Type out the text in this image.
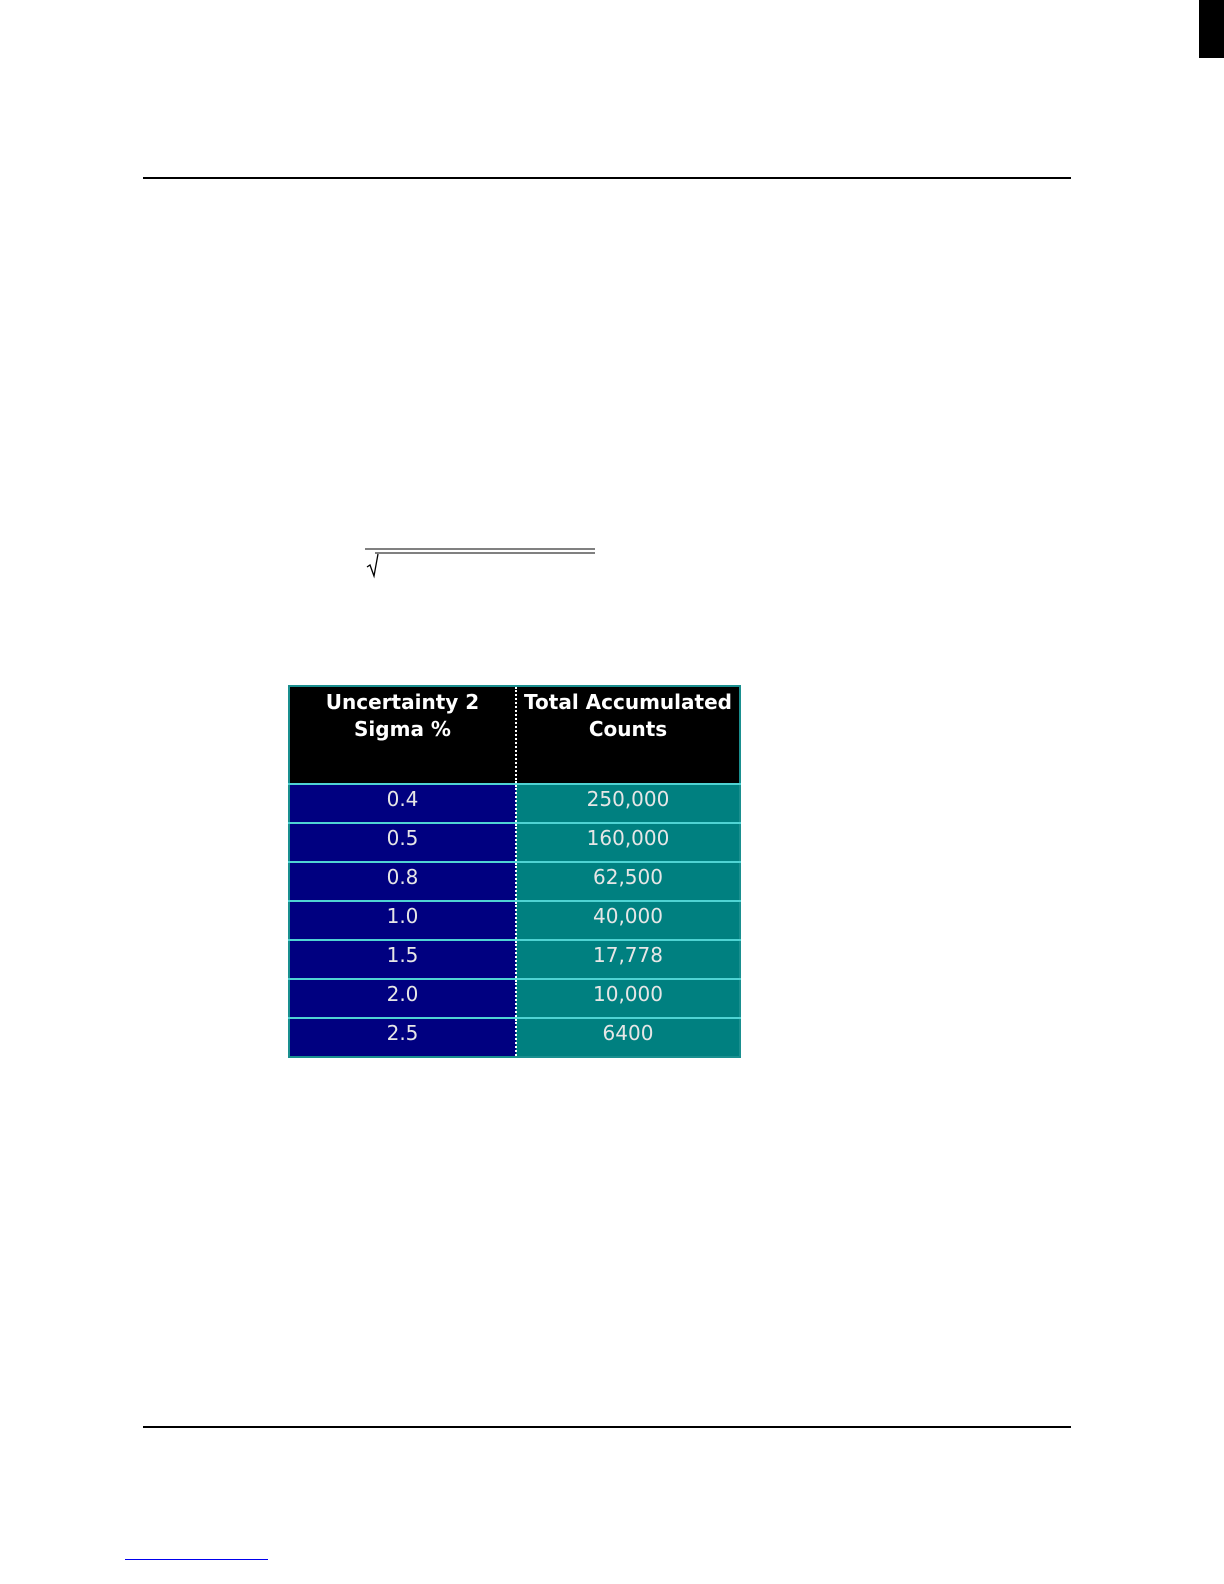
Uncertainty 2 Sigma %	Total Accumulated Counts
0.4	250,000
0.5	160,000
0.8	62,500
1.0	40,000
1.5	17,778
2.0	10,000
2.5	6400
